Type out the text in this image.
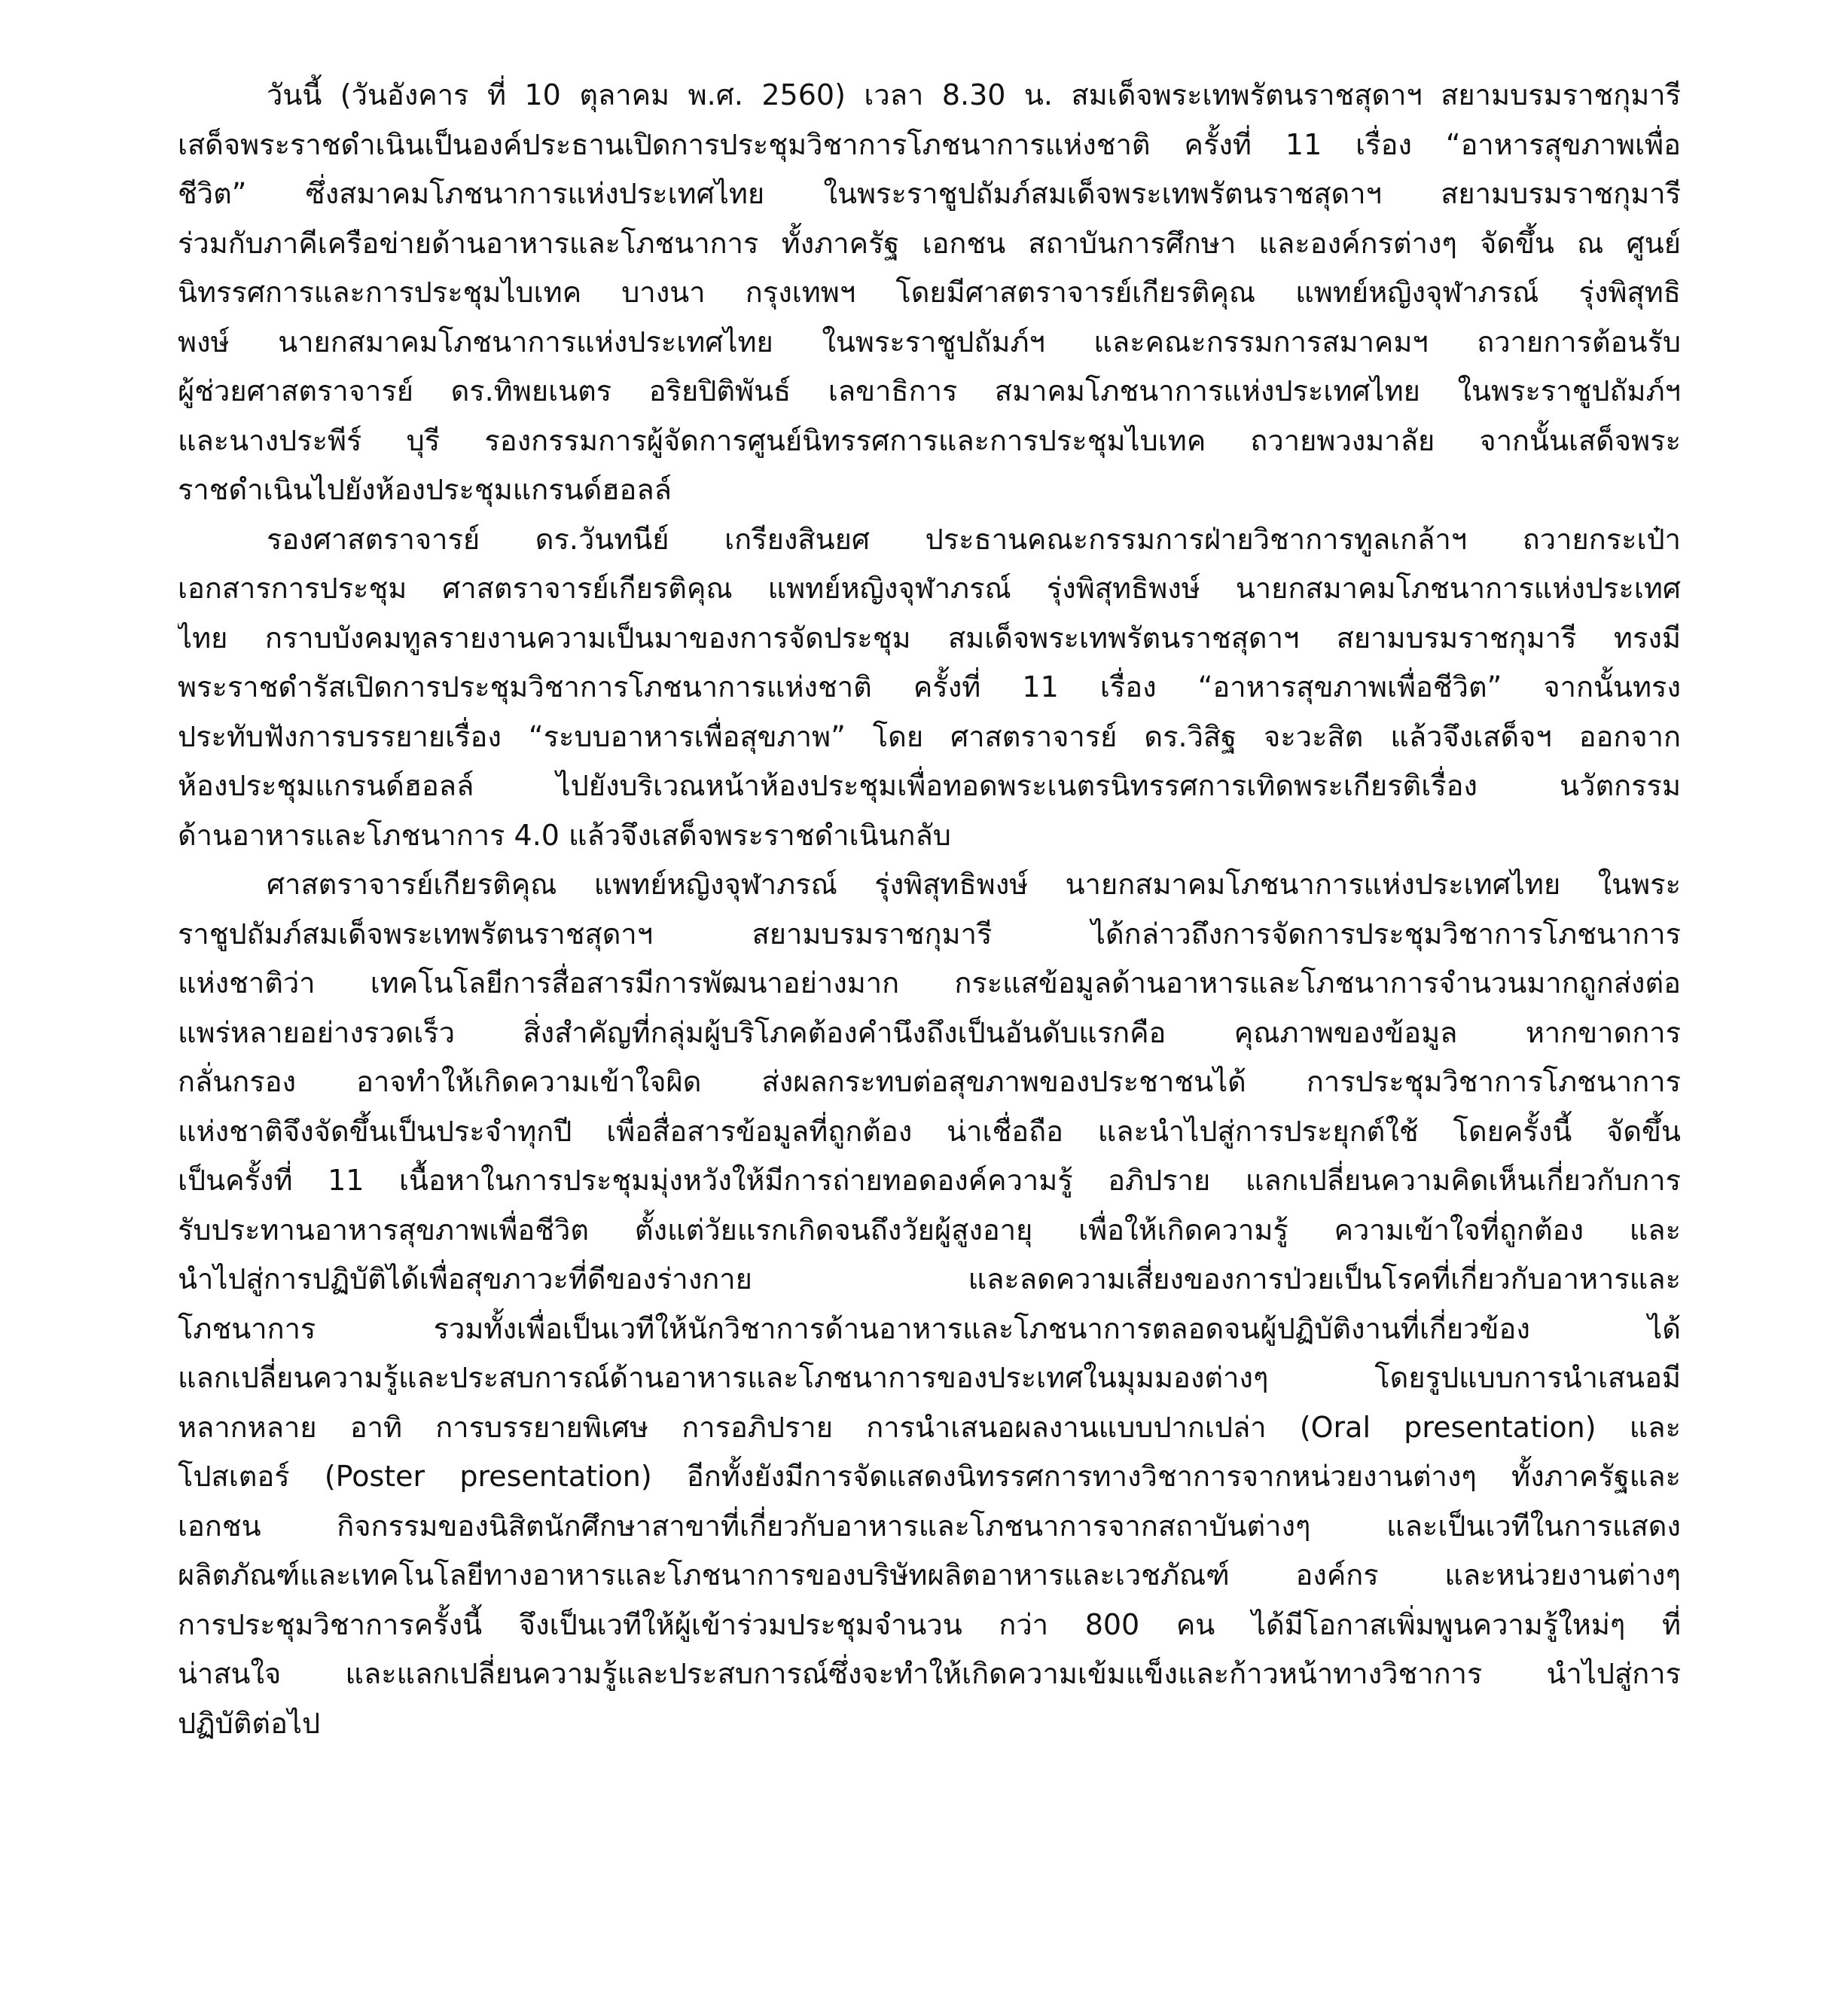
วันนี้ (วันอังคาร ที่ 10 ตุลาคม พ.ศ. 2560) เวลา 8.30 น. สมเด็จพระเทพรัตนราชสุดาฯ สยามบรมราชกุมารี
เสด็จพระราชดำเนินเป็นองค์ประธานเปิดการประชุมวิชาการโภชนาการแห่งชาติ ครั้งที่ 11 เรื่อง “อาหารสุขภาพเพื่อ
ชีวิต” ซึ่งสมาคมโภชนาการแห่งประเทศไทย ในพระราชูปถัมภ์สมเด็จพระเทพรัตนราชสุดาฯ สยามบรมราชกุมารี
ร่วมกับภาคีเครือข่ายด้านอาหารและโภชนาการ ทั้งภาครัฐ เอกชน สถาบันการศึกษา และองค์กรต่างๆ จัดขึ้น ณ ศูนย์
นิทรรศการและการประชุมไบเทค บางนา กรุงเทพฯ โดยมีศาสตราจารย์เกียรติคุณ แพทย์หญิงจุฬาภรณ์ รุ่งพิสุทธิ
พงษ์ นายกสมาคมโภชนาการแห่งประเทศไทย ในพระราชูปถัมภ์ฯ และคณะกรรมการสมาคมฯ ถวายการต้อนรับ
ผู้ช่วยศาสตราจารย์ ดร.ทิพยเนตร อริยปิติพันธ์ เลขาธิการ สมาคมโภชนาการแห่งประเทศไทย ในพระราชูปถัมภ์ฯ
และนางประพีร์ บุรี รองกรรมการผู้จัดการศูนย์นิทรรศการและการประชุมไบเทค ถวายพวงมาลัย จากนั้นเสด็จพระ
ราชดำเนินไปยังห้องประชุมแกรนด์ฮอลล์
รองศาสตราจารย์ ดร.วันทนีย์ เกรียงสินยศ ประธานคณะกรรมการฝ่ายวิชาการทูลเกล้าฯ ถวายกระเป๋า
เอกสารการประชุม ศาสตราจารย์เกียรติคุณ แพทย์หญิงจุฬาภรณ์ รุ่งพิสุทธิพงษ์ นายกสมาคมโภชนาการแห่งประเทศ
ไทย กราบบังคมทูลรายงานความเป็นมาของการจัดประชุม สมเด็จพระเทพรัตนราชสุดาฯ สยามบรมราชกุมารี ทรงมี
พระราชดำรัสเปิดการประชุมวิชาการโภชนาการแห่งชาติ ครั้งที่ 11 เรื่อง “อาหารสุขภาพเพื่อชีวิต” จากนั้นทรง
ประทับฟังการบรรยายเรื่อง “ระบบอาหารเพื่อสุขภาพ” โดย ศาสตราจารย์ ดร.วิสิฐ จะวะสิต แล้วจึงเสด็จฯ ออกจาก
ห้องประชุมแกรนด์ฮอลล์ ไปยังบริเวณหน้าห้องประชุมเพื่อทอดพระเนตรนิทรรศการเทิดพระเกียรติเรื่อง นวัตกรรม
ด้านอาหารและโภชนาการ 4.0 แล้วจึงเสด็จพระราชดำเนินกลับ
ศาสตราจารย์เกียรติคุณ แพทย์หญิงจุฬาภรณ์ รุ่งพิสุทธิพงษ์ นายกสมาคมโภชนาการแห่งประเทศไทย ในพระ
ราชูปถัมภ์สมเด็จพระเทพรัตนราชสุดาฯ สยามบรมราชกุมารี ได้กล่าวถึงการจัดการประชุมวิชาการโภชนาการ
แห่งชาติว่า เทคโนโลยีการสื่อสารมีการพัฒนาอย่างมาก กระแสข้อมูลด้านอาหารและโภชนาการจำนวนมากถูกส่งต่อ
แพร่หลายอย่างรวดเร็ว สิ่งสำคัญที่กลุ่มผู้บริโภคต้องคำนึงถึงเป็นอันดับแรกคือ คุณภาพของข้อมูล หากขาดการ
กลั่นกรอง อาจทำให้เกิดความเข้าใจผิด ส่งผลกระทบต่อสุขภาพของประชาชนได้ การประชุมวิชาการโภชนาการ
แห่งชาติจึงจัดขึ้นเป็นประจำทุกปี เพื่อสื่อสารข้อมูลที่ถูกต้อง น่าเชื่อถือ และนำไปสู่การประยุกต์ใช้ โดยครั้งนี้ จัดขึ้น
เป็นครั้งที่ 11 เนื้อหาในการประชุมมุ่งหวังให้มีการถ่ายทอดองค์ความรู้ อภิปราย แลกเปลี่ยนความคิดเห็นเกี่ยวกับการ
รับประทานอาหารสุขภาพเพื่อชีวิต ตั้งแต่วัยแรกเกิดจนถึงวัยผู้สูงอายุ เพื่อให้เกิดความรู้ ความเข้าใจที่ถูกต้อง และ
นำไปสู่การปฏิบัติได้เพื่อสุขภาวะที่ดีของร่างกาย และลดความเสี่ยงของการป่วยเป็นโรคที่เกี่ยวกับอาหารและ
โภชนาการ รวมทั้งเพื่อเป็นเวทีให้นักวิชาการด้านอาหารและโภชนาการตลอดจนผู้ปฏิบัติงานที่เกี่ยวข้อง ได้
แลกเปลี่ยนความรู้และประสบการณ์ด้านอาหารและโภชนาการของประเทศในมุมมองต่างๆ โดยรูปแบบการนำเสนอมี
หลากหลาย อาทิ การบรรยายพิเศษ การอภิปราย การนำเสนอผลงานแบบปากเปล่า (Oral presentation) และ
โปสเตอร์ (Poster presentation) อีกทั้งยังมีการจัดแสดงนิทรรศการทางวิชาการจากหน่วยงานต่างๆ ทั้งภาครัฐและ
เอกชน กิจกรรมของนิสิตนักศึกษาสาขาที่เกี่ยวกับอาหารและโภชนาการจากสถาบันต่างๆ และเป็นเวทีในการแสดง
ผลิตภัณฑ์และเทคโนโลยีทางอาหารและโภชนาการของบริษัทผลิตอาหารและเวชภัณฑ์ องค์กร และหน่วยงานต่างๆ
การประชุมวิชาการครั้งนี้ จึงเป็นเวทีให้ผู้เข้าร่วมประชุมจำนวน กว่า 800 คน ได้มีโอกาสเพิ่มพูนความรู้ใหม่ๆ ที่
น่าสนใจ และแลกเปลี่ยนความรู้และประสบการณ์ซึ่งจะทำให้เกิดความเข้มแข็งและก้าวหน้าทางวิชาการ นำไปสู่การ
ปฏิบัติต่อไป
